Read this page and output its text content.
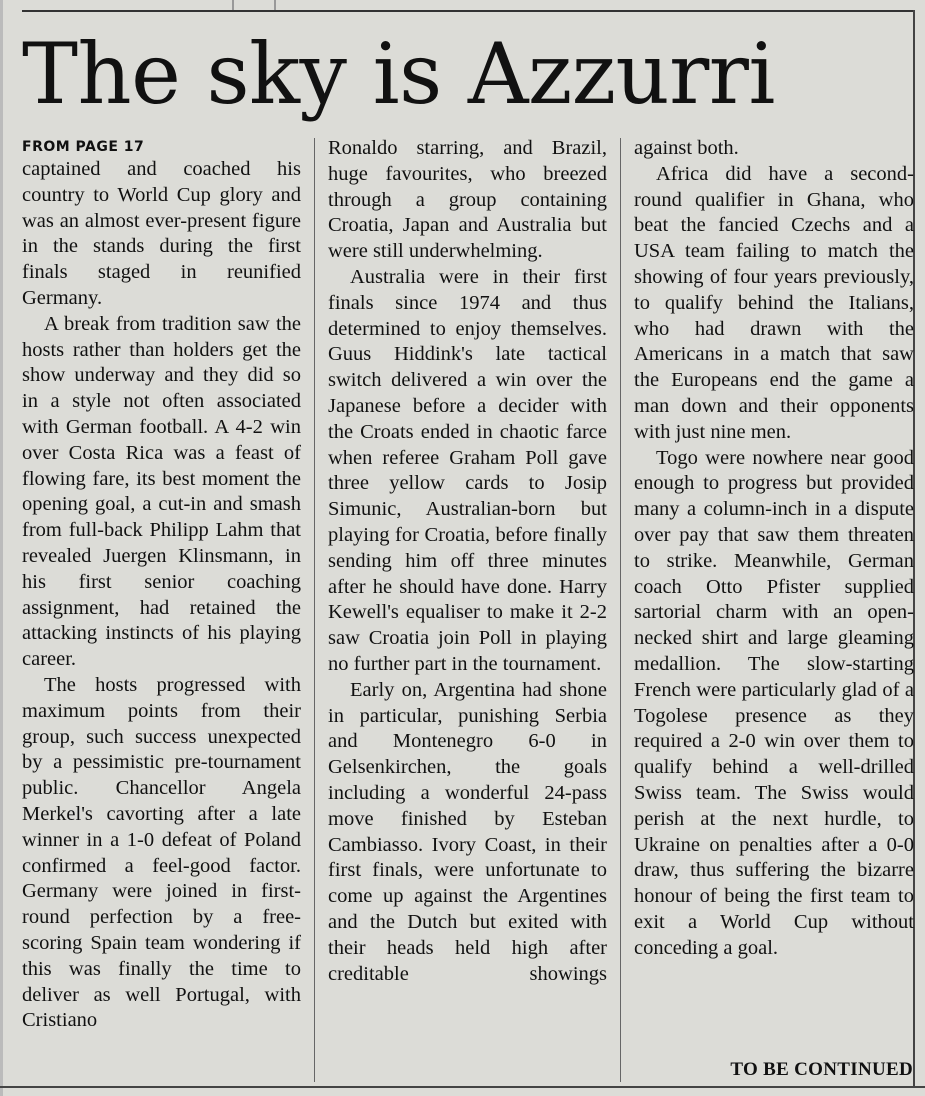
The sky is Azzurri
FROM PAGE 17

captained and coached his country to World Cup glory and was an almost ever-present figure in the stands during the first finals staged in reunified Germany.

A break from tradition saw the hosts rather than holders get the show underway and they did so in a style not often associated with German football. A 4-2 win over Costa Rica was a feast of flowing fare, its best moment the opening goal, a cut-in and smash from full-back Philipp Lahm that revealed Juergen Klinsmann, in his first senior coaching assignment, had retained the attacking instincts of his playing career.

The hosts progressed with maximum points from their group, such success unexpected by a pessimistic pre-tournament public. Chancellor Angela Merkel's cavorting after a late winner in a 1-0 defeat of Poland confirmed a feel-good factor. Germany were joined in first-round perfection by a free-scoring Spain team wondering if this was finally the time to deliver as well Portugal, with Cristiano

Ronaldo starring, and Brazil, huge favourites, who breezed through a group containing Croatia, Japan and Australia but were still underwhelming.

Australia were in their first finals since 1974 and thus determined to enjoy themselves. Guus Hiddink's late tactical switch delivered a win over the Japanese before a decider with the Croats ended in chaotic farce when referee Graham Poll gave three yellow cards to Josip Simunic, Australian-born but playing for Croatia, before finally sending him off three minutes after he should have done. Harry Kewell's equaliser to make it 2-2 saw Croatia join Poll in playing no further part in the tournament.

Early on, Argentina had shone in particular, punishing Serbia and Montenegro 6-0 in Gelsenkirchen, the goals including a wonderful 24-pass move finished by Esteban Cambiasso. Ivory Coast, in their first finals, were unfortunate to come up against the Argentines and the Dutch but exited with their heads held high after creditable showings

against both.

Africa did have a second-round qualifier in Ghana, who beat the fancied Czechs and a USA team failing to match the showing of four years previously, to qualify behind the Italians, who had drawn with the Americans in a match that saw the Europeans end the game a man down and their opponents with just nine men.

Togo were nowhere near good enough to progress but provided many a column-inch in a dispute over pay that saw them threaten to strike. Meanwhile, German coach Otto Pfister supplied sartorial charm with an open-necked shirt and large gleaming medallion. The slow-starting French were particularly glad of a Togolese presence as they required a 2-0 win over them to qualify behind a well-drilled Swiss team. The Swiss would perish at the next hurdle, to Ukraine on penalties after a 0-0 draw, thus suffering the bizarre honour of being the first team to exit a World Cup without conceding a goal.

TO BE CONTINUED
